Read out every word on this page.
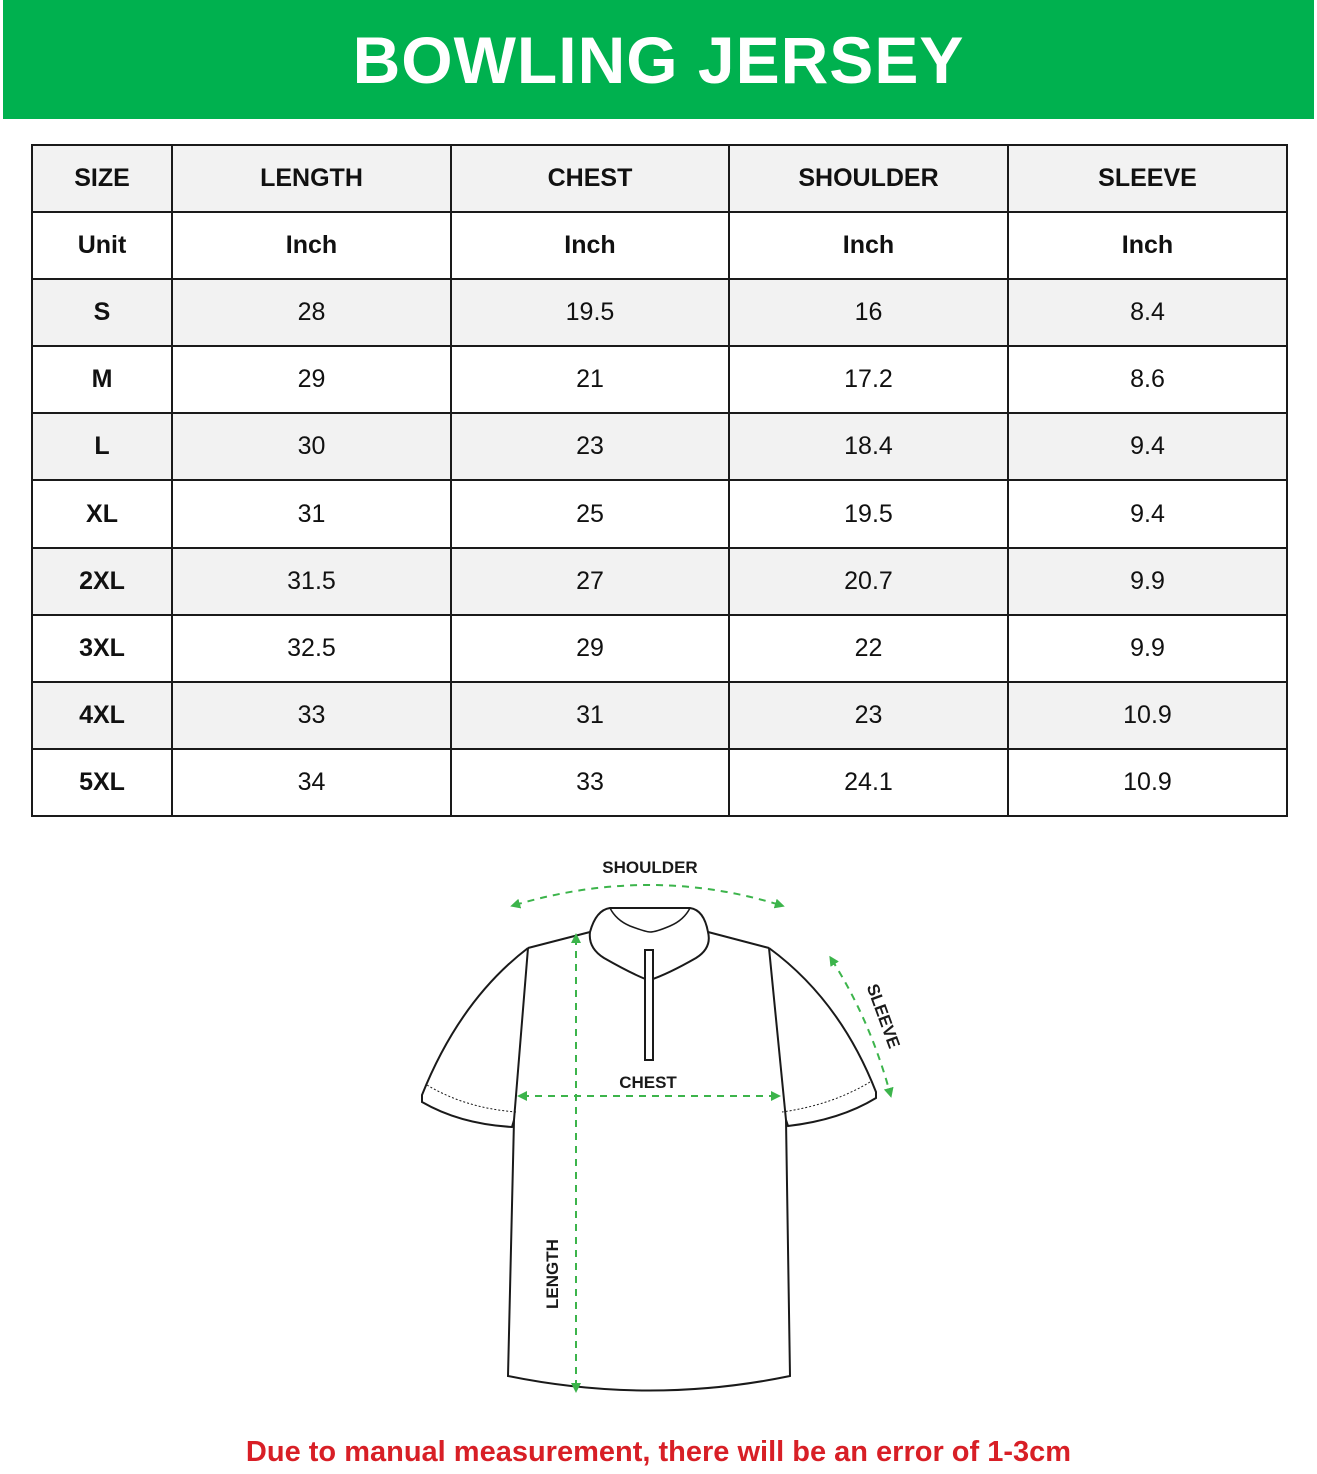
BOWLING JERSEY
SIZE	LENGTH	CHEST	SHOULDER	SLEEVE
Unit	Inch	Inch	Inch	Inch
S	28	19.5	16	8.4
M	29	21	17.2	8.6
L	30	23	18.4	9.4
XL	31	25	19.5	9.4
2XL	31.5	27	20.7	9.9
3XL	32.5	29	22	9.9
4XL	33	31	23	10.9
5XL	34	33	24.1	10.9
SHOULDER
CHEST
SLEEVE
LENGTH
Due to manual measurement, there will be an error of 1-3cm
